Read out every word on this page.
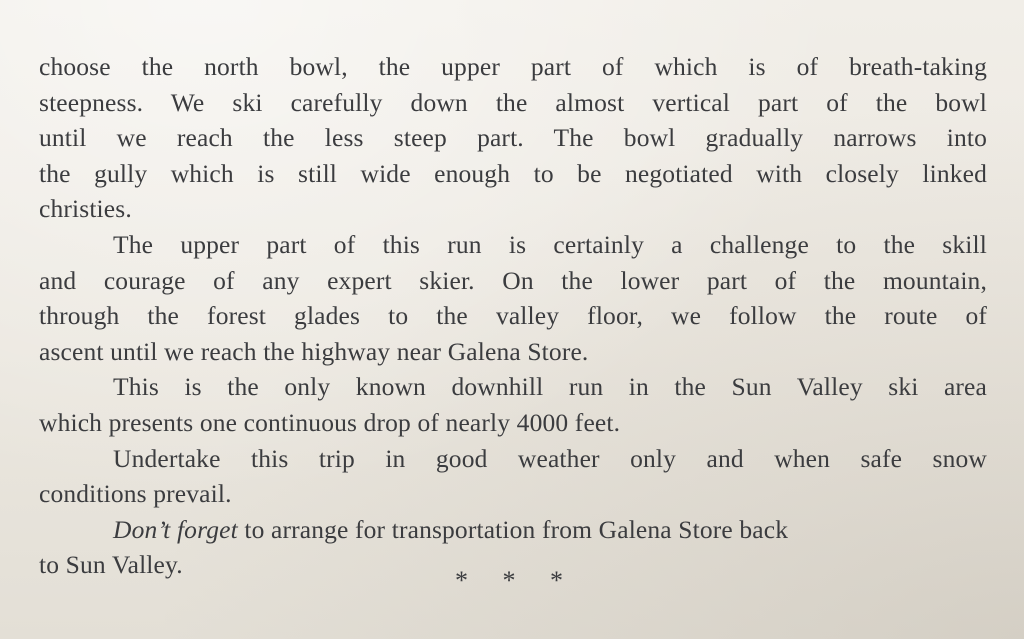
choose the north bowl, the upper part of which is of breath-taking
steepness. We ski carefully down the almost vertical part of the bowl
until we reach the less steep part. The bowl gradually narrows into
the gully which is still wide enough to be negotiated with closely linked
christies.
The upper part of this run is certainly a challenge to the skill
and courage of any expert skier. On the lower part of the mountain,
through the forest glades to the valley floor, we follow the route of
ascent until we reach the highway near Galena Store.
This is the only known downhill run in the Sun Valley ski area
which presents one continuous drop of nearly 4000 feet.
Undertake this trip in good weather only and when safe snow
conditions prevail.
Don’t forget to arrange for transportation from Galena Store back
to Sun Valley.
* * *
